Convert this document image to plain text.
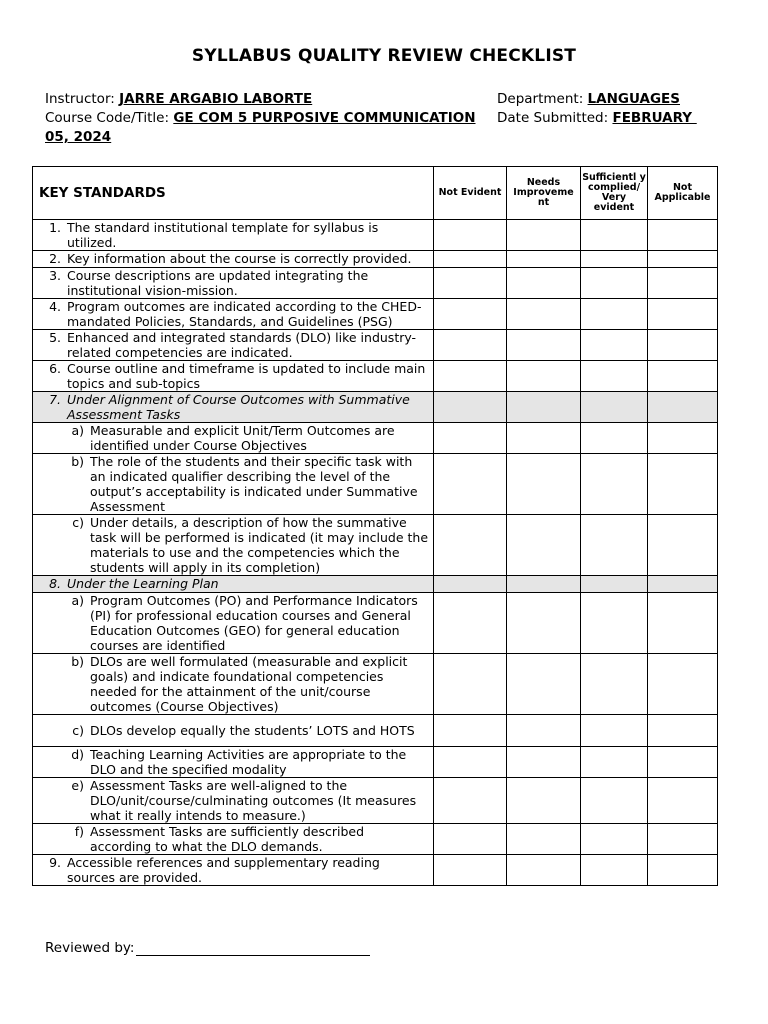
SYLLABUS QUALITY REVIEW CHECKLIST
Instructor: JARRE ARGABIO LABORTE	Department: LANGUAGES
Course Code/Title: GE COM 5 PURPOSIVE COMMUNICATION Date Submitted: FEBRUARY
05, 2024
KEY STANDARDS	Not Evident	Needs Improveme nt	Sufficientl y complied/ Very evident	Not Applicable

1. The standard institutional template for syllabus is utilized.				

2. Key information about the course is correctly provided.				

3. Course descriptions are updated integrating the institutional vision-mission.				

4. Program outcomes are indicated according to the CHED-mandated Policies, Standards, and Guidelines (PSG)				

5. Enhanced and integrated standards (DLO) like industry-related competencies are indicated.				

6. Course outline and timeframe is updated to include main topics and sub-topics				

7. Under Alignment of Course Outcomes with Summative Assessment Tasks				

a) Measurable and explicit Unit/Term Outcomes are identified under Course Objectives				

b) The role of the students and their specific task with an indicated qualifier describing the level of the output’s acceptability is indicated under Summative Assessment				

c) Under details, a description of how the summative task will be performed is indicated (it may include the materials to use and the competencies which the students will apply in its completion)				

8. Under the Learning Plan				

a) Program Outcomes (PO) and Performance Indicators (PI) for professional education courses and General Education Outcomes (GEO) for general education courses are identified				

b) DLOs are well formulated (measurable and explicit goals) and indicate foundational competencies needed for the attainment of the unit/course outcomes (Course Objectives)				

c) DLOs develop equally the students’ LOTS and HOTS				

d) Teaching Learning Activities are appropriate to the DLO and the specified modality				

e) Assessment Tasks are well-aligned to the DLO/unit/course/culminating outcomes (It measures what it really intends to measure.)				

f) Assessment Tasks are sufficiently described according to what the DLO demands.				

9. Accessible references and supplementary reading sources are provided.				

Reviewed by:
